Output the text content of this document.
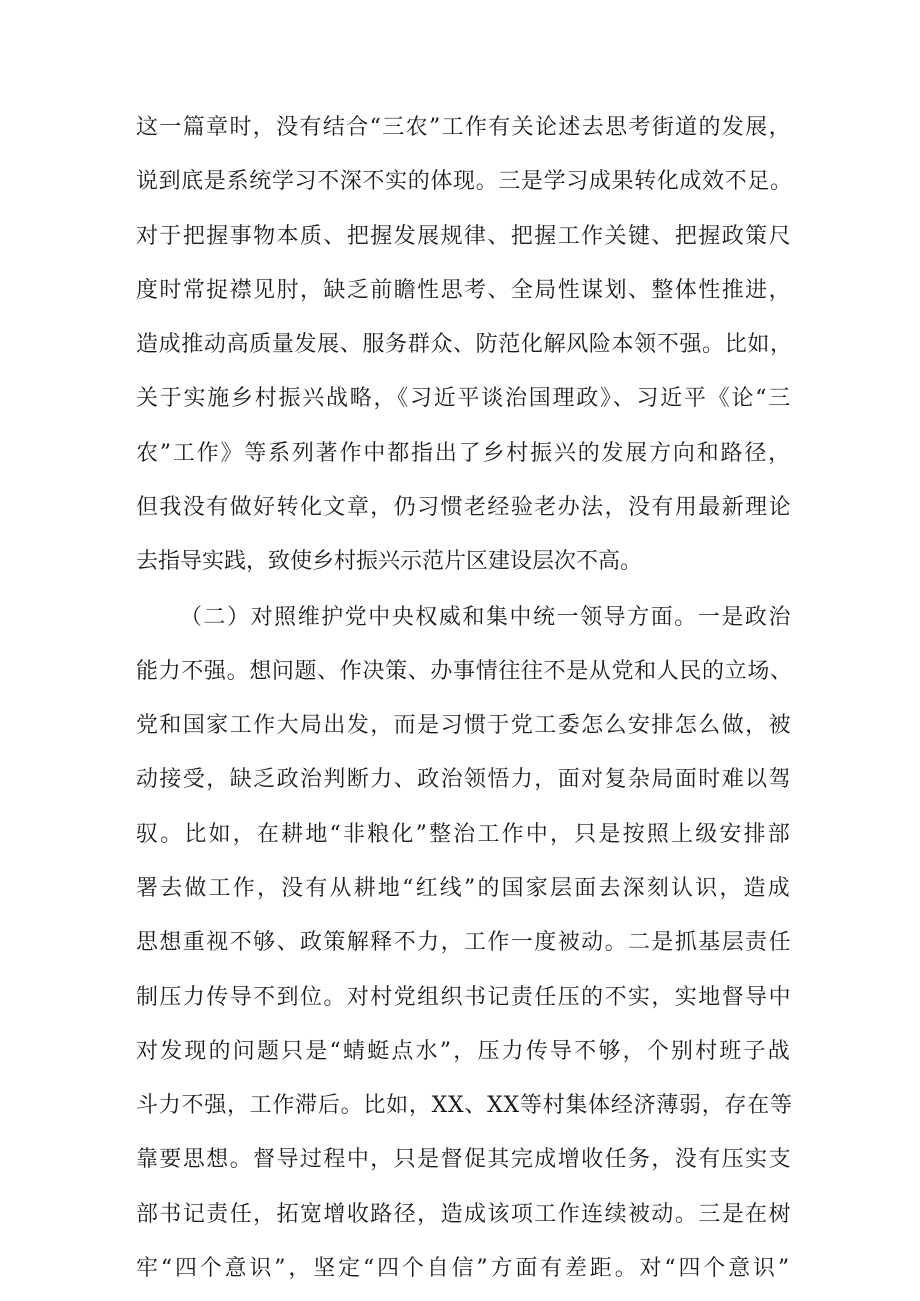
这一篇章时，没有结合“三农”工作有关论述去思考街道的发展，
说到底是系统学习不深不实的体现。三是学习成果转化成效不足。
对于把握事物本质、把握发展规律、把握工作关键、把握政策尺
度时常捉襟见肘，缺乏前瞻性思考、全局性谋划、整体性推进，
造成推动高质量发展、服务群众、防范化解风险本领不强。比如，
关于实施乡村振兴战略，《习近平谈治国理政》、习近平《论“三
农”工作》等系列著作中都指出了乡村振兴的发展方向和路径，
但我没有做好转化文章，仍习惯老经验老办法，没有用最新理论
去指导实践，致使乡村振兴示范片区建设层次不高。
（二）对照维护党中央权威和集中统一领导方面。一是政治
能力不强。想问题、作决策、办事情往往不是从党和人民的立场、
党和国家工作大局出发，而是习惯于党工委怎么安排怎么做，被
动接受，缺乏政治判断力、政治领悟力，面对复杂局面时难以驾
驭。比如，在耕地“非粮化”整治工作中，只是按照上级安排部
署去做工作，没有从耕地“红线”的国家层面去深刻认识，造成
思想重视不够、政策解释不力，工作一度被动。二是抓基层责任
制压力传导不到位。对村党组织书记责任压的不实，实地督导中
对发现的问题只是“蜻蜓点水”，压力传导不够，个别村班子战
斗力不强，工作滞后。比如，XX、XX等村集体经济薄弱，存在等
靠要思想。督导过程中，只是督促其完成增收任务，没有压实支
部书记责任，拓宽增收路径，造成该项工作连续被动。三是在树
牢“四个意识”，坚定“四个自信”方面有差距。对“四个意识”
